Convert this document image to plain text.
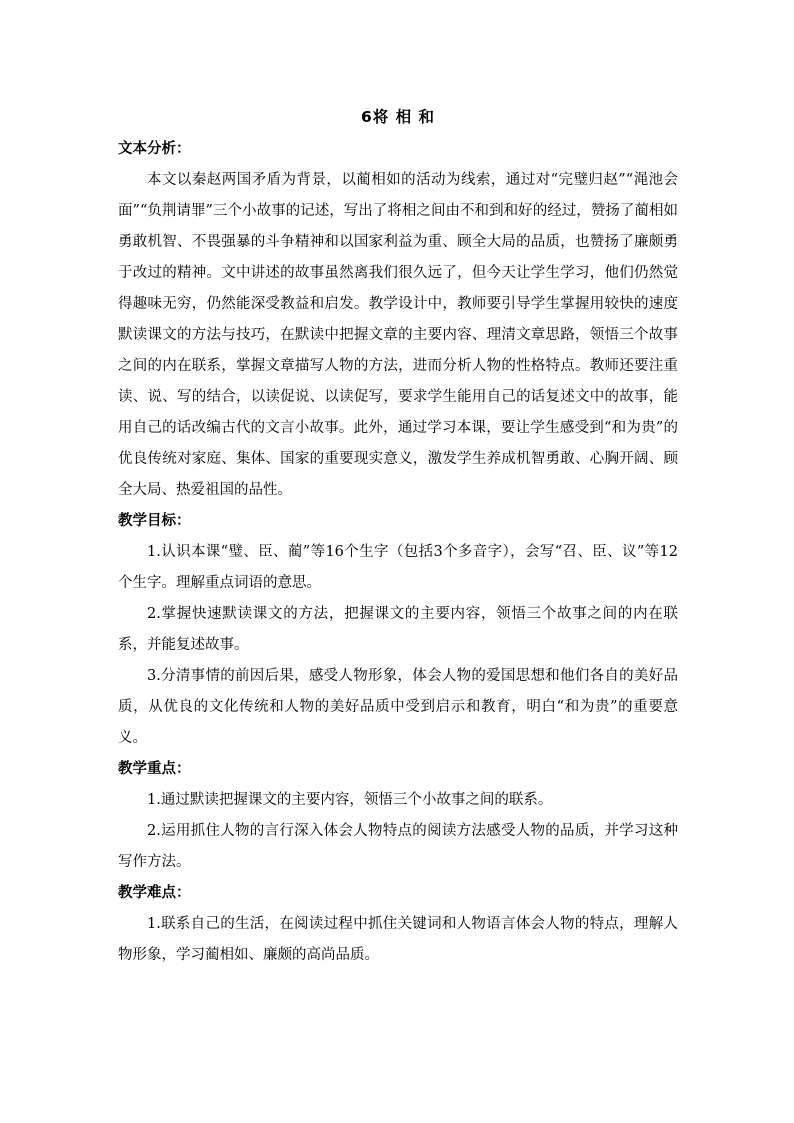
6将 相 和
文本分析：

本文以秦赵两国矛盾为背景，以蔺相如的活动为线索，通过对“完璧归赵”“渑池会面”“负荆请罪”三个小故事的记述，写出了将相之间由不和到和好的经过，赞扬了蔺相如勇敢机智、不畏强暴的斗争精神和以国家利益为重、顾全大局的品质，也赞扬了廉颇勇于改过的精神。文中讲述的故事虽然离我们很久远了，但今天让学生学习，他们仍然觉得趣味无穷，仍然能深受教益和启发。教学设计中，教师要引导学生掌握用较快的速度默读课文的方法与技巧，在默读中把握文章的主要内容、理清文章思路，领悟三个故事之间的内在联系，掌握文章描写人物的方法，进而分析人物的性格特点。教师还要注重读、说、写的结合，以读促说、以读促写，要求学生能用自己的话复述文中的故事，能用自己的话改编古代的文言小故事。此外，通过学习本课，要让学生感受到“和为贵”的优良传统对家庭、集体、国家的重要现实意义，激发学生养成机智勇敢、心胸开阔、顾全大局、热爱祖国的品性。

教学目标：

1.认识本课“璧、臣、蔺”等16个生字（包括3个多音字），会写“召、臣、议”等12个生字。理解重点词语的意思。

2.掌握快速默读课文的方法，把握课文的主要内容，领悟三个故事之间的内在联系，并能复述故事。

3.分清事情的前因后果，感受人物形象，体会人物的爱国思想和他们各自的美好品质，从优良的文化传统和人物的美好品质中受到启示和教育，明白“和为贵”的重要意义。

教学重点：

1.通过默读把握课文的主要内容，领悟三个小故事之间的联系。

2.运用抓住人物的言行深入体会人物特点的阅读方法感受人物的品质，并学习这种写作方法。

教学难点：

1.联系自己的生活，在阅读过程中抓住关键词和人物语言体会人物的特点，理解人物形象，学习蔺相如、廉颇的高尚品质。
